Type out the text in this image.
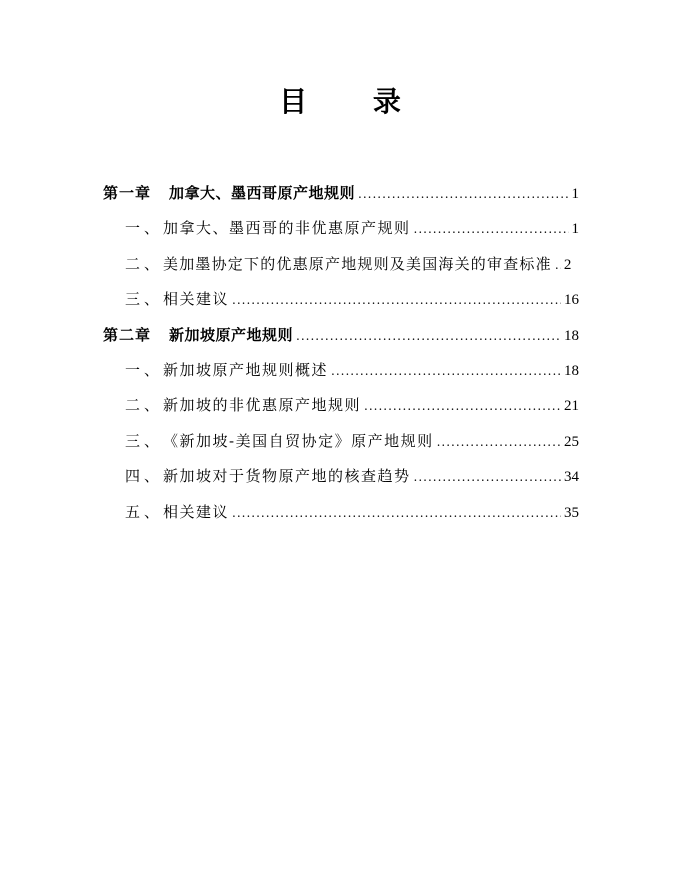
目 录
第一章 加拿大、墨西哥原产地规则 .....	1
一、加拿大、墨西哥的非优惠原产规则 .....	1
二、美加墨协定下的优惠原产地规则及美国海关的审查标准 ..... 2
三、相关建议 .....	16
第二章 新加坡原产地规则 .....	18
一、新加坡原产地规则概述 .....	18
二、新加坡的非优惠原产地规则 .....	21
三、《新加坡-美国自贸协定》原产地规则 .....	25
四、新加坡对于货物原产地的核查趋势 .....	34
五、相关建议 .....	35
